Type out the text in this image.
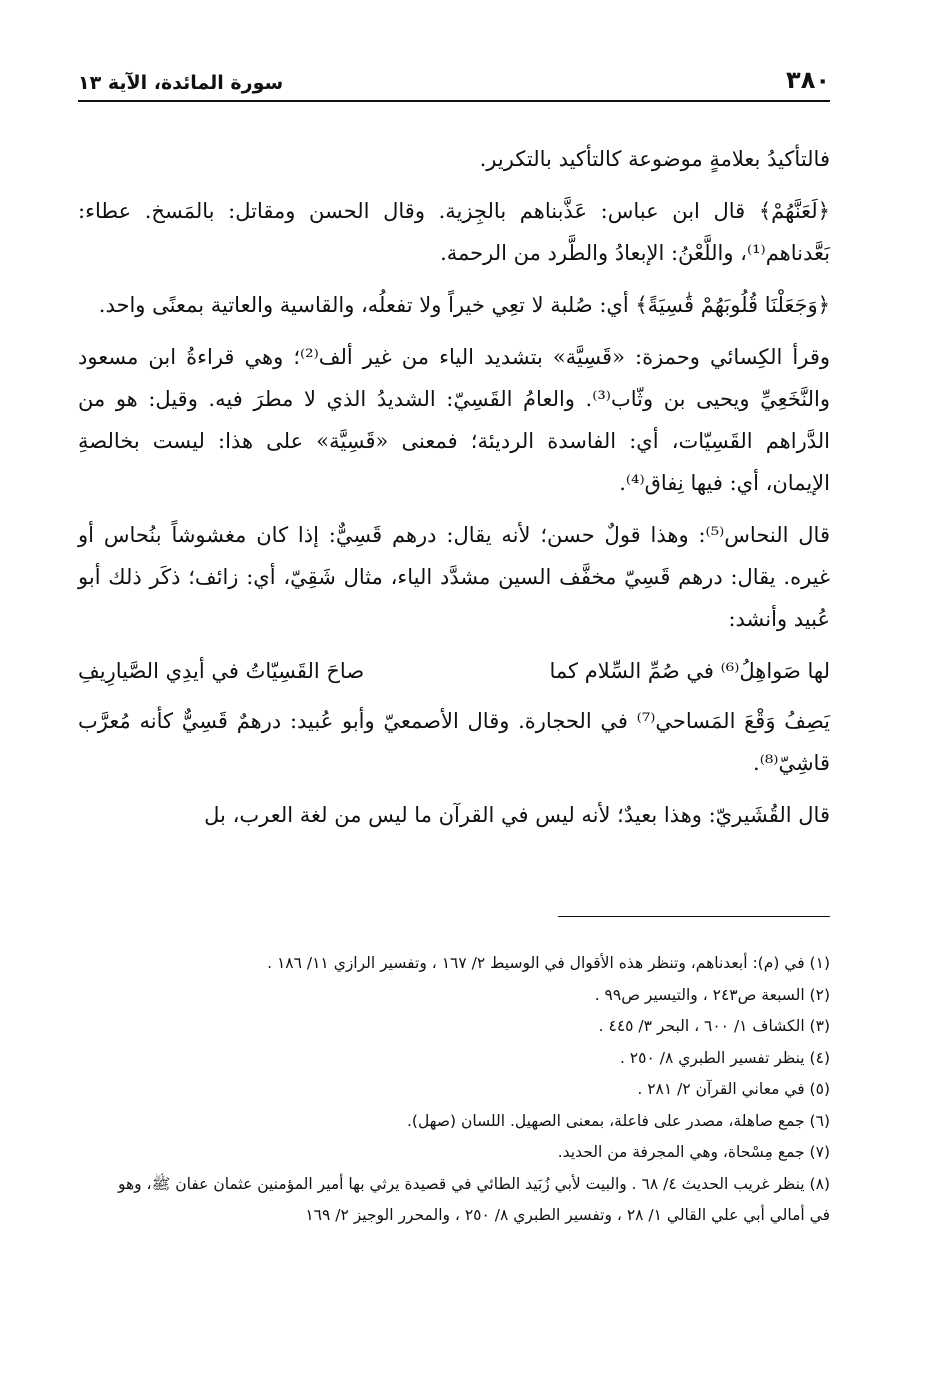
٣٨٠
سورة المائدة، الآية ١٣

فالتأكيدُ بعلامةٍ موضوعة كالتأكيد بالتكرير.

﴿لَعَنَّهُمْ﴾ قال ابن عباس: عَذَّبناهم بالجِزية. وقال الحسن ومقاتل: بالمَسخ. عطاء: بَعَّدناهم⁽¹⁾، واللَّعْنُ: الإبعادُ والطَّرد من الرحمة.

﴿وَجَعَلْنَا قُلُوبَهُمْ قَٰسِيَةً﴾ أي: صُلبة لا تعِي خيراً ولا تفعلُه، والقاسية والعاتية بمعنًى واحد.

وقرأ الكِسائي وحمزة: «قَسِيَّة» بتشديد الياء من غير ألف⁽²⁾؛ وهي قراءةُ ابن مسعود والنَّخَعِيِّ ويحيى بن وثّاب⁽³⁾. والعامُ القَسِيّ: الشديدُ الذي لا مطرَ فيه. وقيل: هو من الدَّراهم القَسِيّات، أي: الفاسدة الرديئة؛ فمعنى «قَسِيَّة» على هذا: ليست بخالصةِ الإيمان، أي: فيها نِفاق⁽⁴⁾.

قال النحاس⁽⁵⁾: وهذا قولٌ حسن؛ لأنه يقال: درهم قَسِيٌّ: إذا كان مغشوشاً بنُحاس أو غيره. يقال: درهم قَسِيّ مخفَّف السين مشدَّد الياء، مثال شَقِيّ، أي: زائف؛ ذكَر ذلك أبو عُبيد وأنشد:

لها صَواهِلُ⁽⁶⁾ في صُمِّ السِّلام كما
صاحَ القَسِيّاتُ في أيدِي الصَّيارِيفِ

يَصِفُ وَقْعَ المَساحي⁽⁷⁾ في الحجارة. وقال الأصمعيّ وأبو عُبيد: درهمٌ قَسِيٌّ كأنه مُعرَّب قاشِيّ⁽⁸⁾.

قال القُشَيريّ: وهذا بعيدٌ؛ لأنه ليس في القرآن ما ليس من لغة العرب، بل

(١) في (م): أبعدناهم، وتنظر هذه الأقوال في الوسيط ٢/ ١٦٧ ، وتفسير الرازي ١١/ ١٨٦ .

(٢) السبعة ص٢٤٣ ، والتيسير ص٩٩ .

(٣) الكشاف ١/ ٦٠٠ ، البحر ٣/ ٤٤٥ .

(٤) ينظر تفسير الطبري ٨/ ٢٥٠ .

(٥) في معاني القرآن ٢/ ٢٨١ .

(٦) جمع صاهلة، مصدر على فاعلة، بمعنى الصهيل. اللسان (صهل).

(٧) جمع مِسْحاة، وهي المجرفة من الحديد.

(٨) ينظر غريب الحديث ٤/ ٦٨ . والبيت لأبي زُبَيد الطائي في قصيدة يرثي بها أمير المؤمنين عثمان عفان ﷺ، وهو في أمالي أبي علي القالي ١/ ٢٨ ، وتفسير الطبري ٨/ ٢٥٠ ، والمحرر الوجيز ٢/ ١٦٩
